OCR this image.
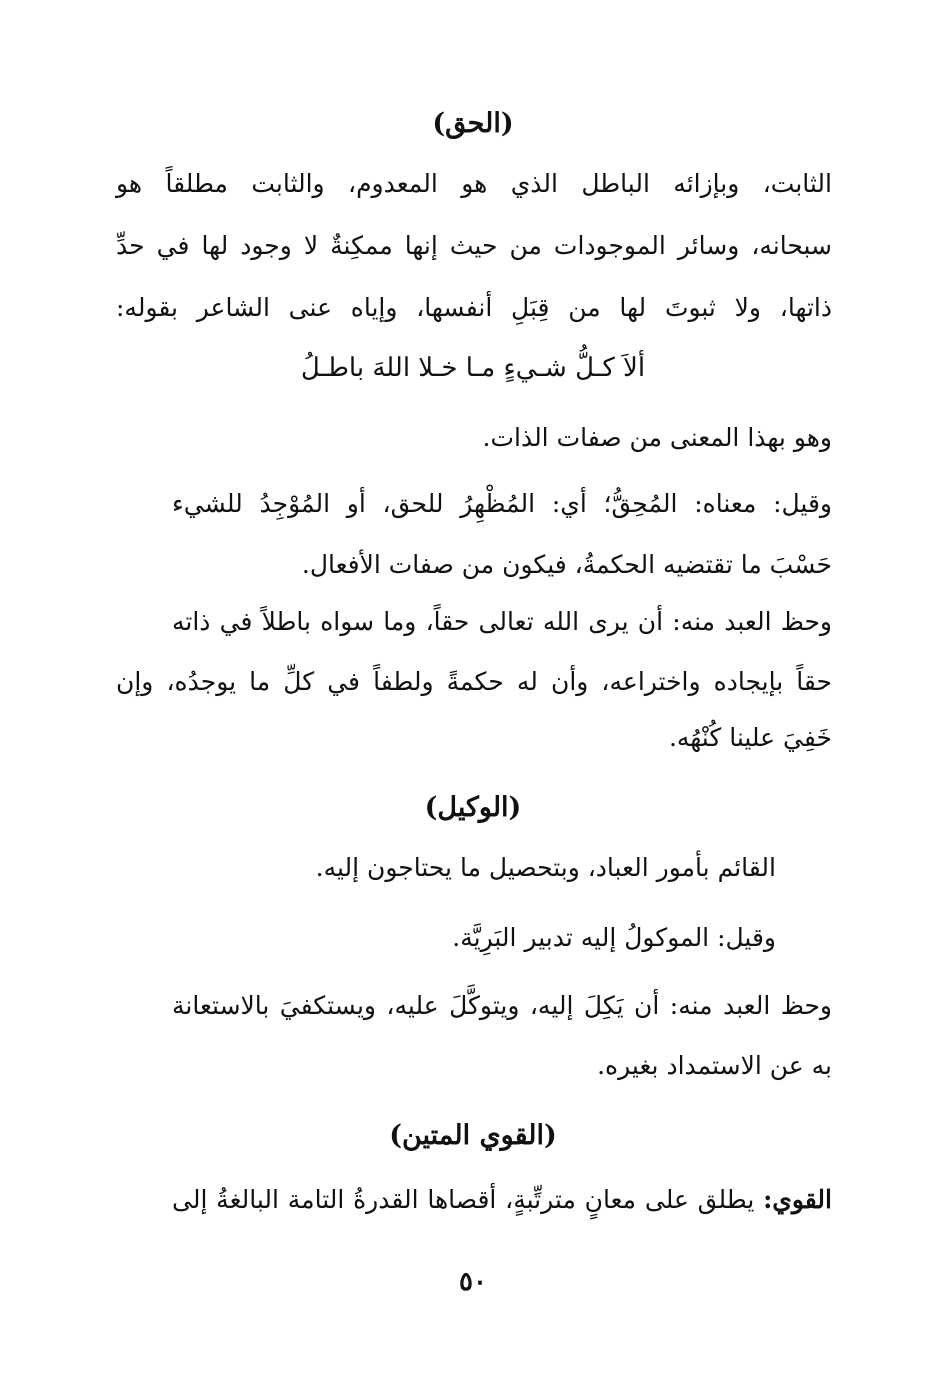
(الحق)
الثابت، وبإزائه الباطل الذي هو المعدوم، والثابت مطلقاً هو
سبحانه، وسائر الموجودات من حيث إنها ممكِنةٌ لا وجود لها في حدِّ
ذاتها، ولا ثبوتَ لها من قِبَلِ أنفسها، وإياه عنى الشاعر بقوله:
ألاَ كـلُّ شـيءٍ مـا خـلا اللهَ باطـلُ
وهو بهذا المعنى من صفات الذات.
وقيل: معناه: المُحِقُّ؛ أي: المُظْهِرُ للحق، أو المُوْجِدُ للشيء
حَسْبَ ما تقتضيه الحكمةُ، فيكون من صفات الأفعال.
وحظ العبد منه: أن يرى الله تعالى حقاً، وما سواه باطلاً في ذاته
حقاً بإيجاده واختراعه، وأن له حكمةً ولطفاً في كلِّ ما يوجدُه، وإن
خَفِيَ علينا كُنْهُه.
(الوكيل)
القائم بأمور العباد، وبتحصيل ما يحتاجون إليه.
وقيل: الموكولُ إليه تدبير البَرِيَّة.
وحظ العبد منه: أن يَكِلَ إليه، ويتوكَّلَ عليه، ويستكفيَ بالاستعانة
به عن الاستمداد بغيره.
(القوي المتين)
القوي: يطلق على معانٍ مترتِّبةٍ، أقصاها القدرةُ التامة البالغةُ إلى
٥٠
